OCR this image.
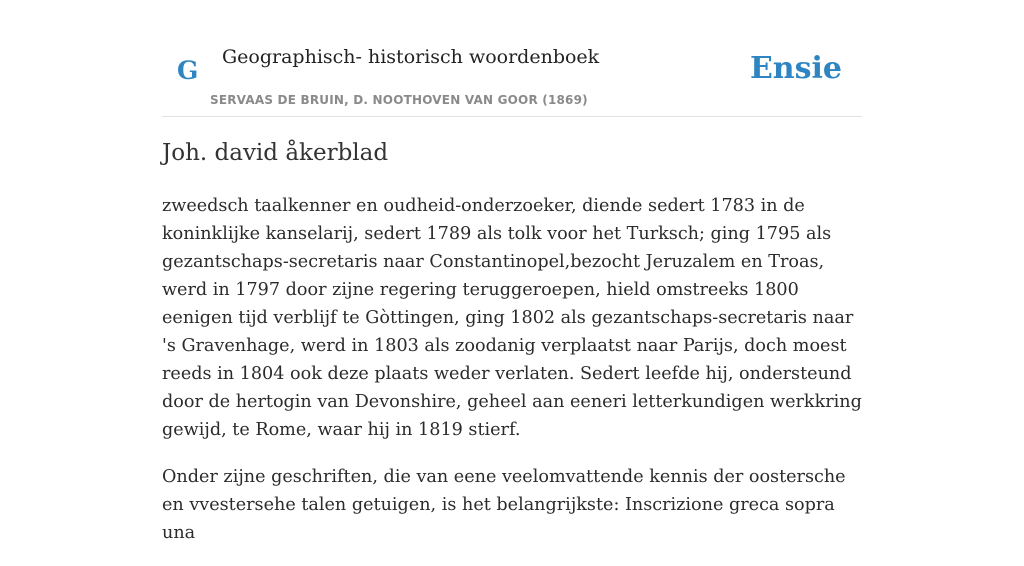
G Geographisch- historisch woordenboek
SERVAAS DE BRUIN, D. NOOTHOVEN VAN GOOR (1869)
Ensie
Joh. david åkerblad

zweedsch taalkenner en oudheid-onderzoeker, diende sedert 1783 in de koninklijke kanselarij, sedert 1789 als tolk voor het Turksch; ging 1795 als gezantschaps-secretaris naar Constantinopel,bezocht Jeruzalem en Troas, werd in 1797 door zijne regering teruggeroepen, hield omstreeks 1800 eenigen tijd verblijf te Gòttingen, ging 1802 als gezantschaps-secretaris naar 's Gravenhage, werd in 1803 als zoodanig verplaatst naar Parijs, doch moest reeds in 1804 ook deze plaats weder verlaten. Sedert leefde hij, ondersteund door de hertogin van Devonshire, geheel aan eeneri letterkundigen werkkring gewijd, te Rome, waar hij in 1819 stierf.

Onder zijne geschriften, die van eene veelomvattende kennis der oostersche en vvestersehe talen getuigen, is het belangrijkste: Inscrizione greca sopra una
